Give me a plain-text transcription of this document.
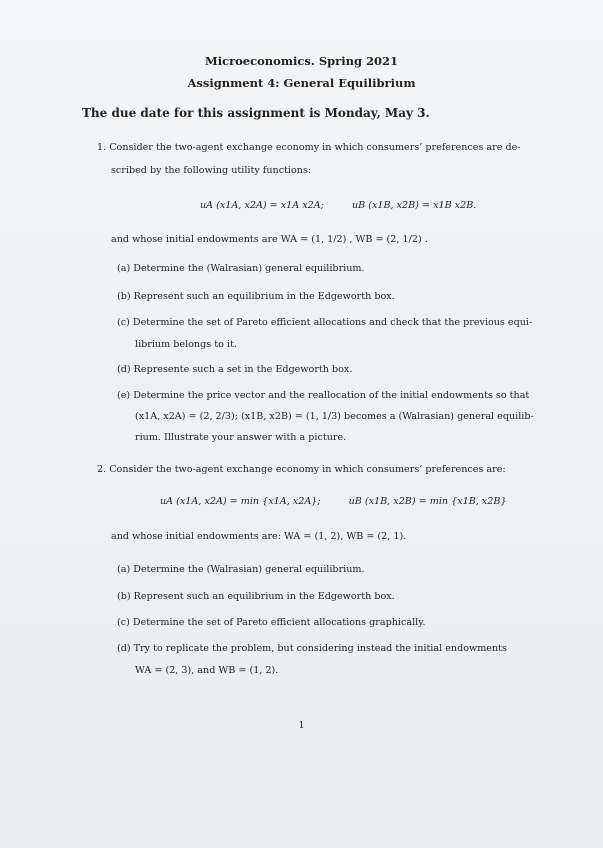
Microeconomics. Spring 2021
Assignment 4: General Equilibrium
The due date for this assignment is Monday, May 3.
1. Consider the two-agent exchange economy in which consumers’ preferences are de-
scribed by the following utility functions:
uA (x1A, x2A) = x1A x2A;	uB (x1B, x2B) = x1B x2B.
and whose initial endowments are WA = (1, 1/2) , WB = (2, 1/2) .
(a) Determine the (Walrasian) general equilibrium.
(b) Represent such an equilibrium in the Edgeworth box.
(c) Determine the set of Pareto efficient allocations and check that the previous equi-
librium belongs to it.
(d) Represente such a set in the Edgeworth box.
(e) Determine the price vector and the reallocation of the initial endowments so that
(x1A, x2A) = (2, 2/3); (x1B, x2B) = (1, 1/3) becomes a (Walrasian) general equilib-
rium. Illustrate your answer with a picture.
2. Consider the two-agent exchange economy in which consumers’ preferences are:
uA (x1A, x2A) = min {x1A, x2A};	uB (x1B, x2B) = min {x1B, x2B}
and whose initial endowments are: WA = (1, 2), WB = (2, 1).
(a) Determine the (Walrasian) general equilibrium.
(b) Represent such an equilibrium in the Edgeworth box.
(c) Determine the set of Pareto efficient allocations graphically.
(d) Try to replicate the problem, but considering instead the initial endowments
WA = (2, 3), and WB = (1, 2).
1
